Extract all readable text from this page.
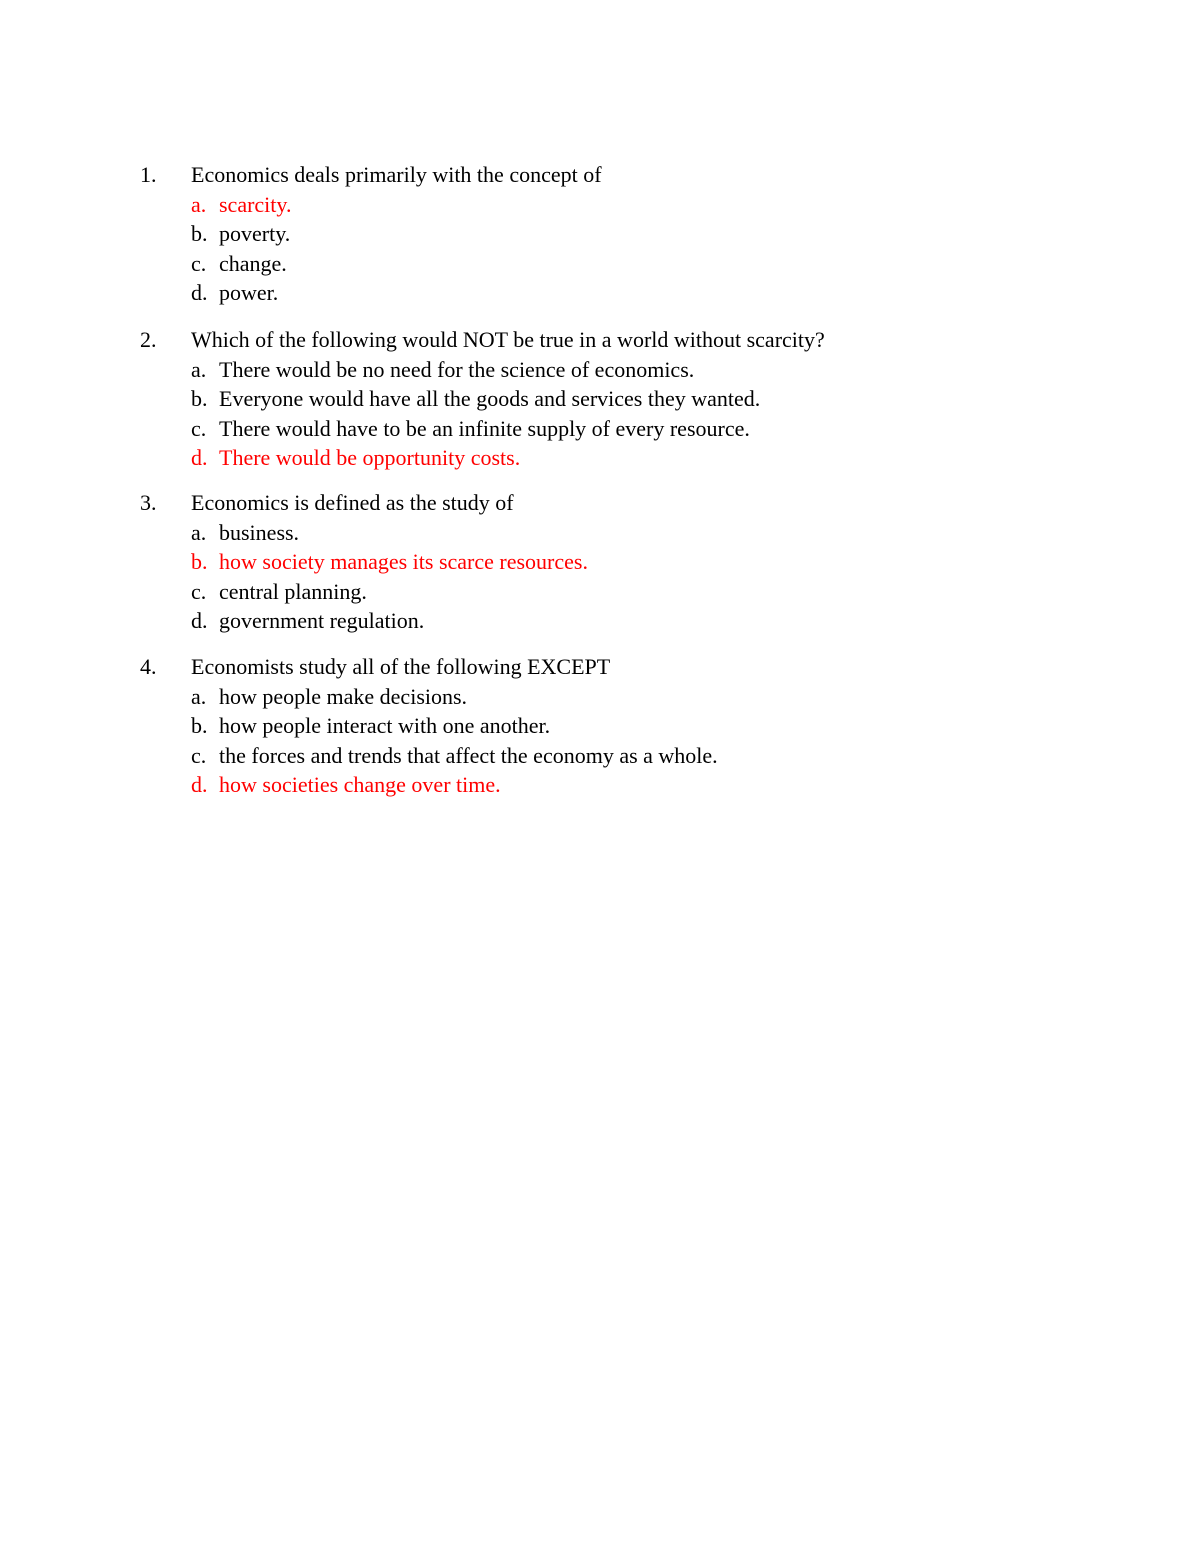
1. Economics deals primarily with the concept of
a. scarcity.
b. poverty.
c. change.
d. power.
2. Which of the following would NOT be true in a world without scarcity?
a. There would be no need for the science of economics.
b. Everyone would have all the goods and services they wanted.
c. There would have to be an infinite supply of every resource.
d. There would be opportunity costs.
3. Economics is defined as the study of
a. business.
b. how society manages its scarce resources.
c. central planning.
d. government regulation.
4. Economists study all of the following EXCEPT
a. how people make decisions.
b. how people interact with one another.
c. the forces and trends that affect the economy as a whole.
d. how societies change over time.
